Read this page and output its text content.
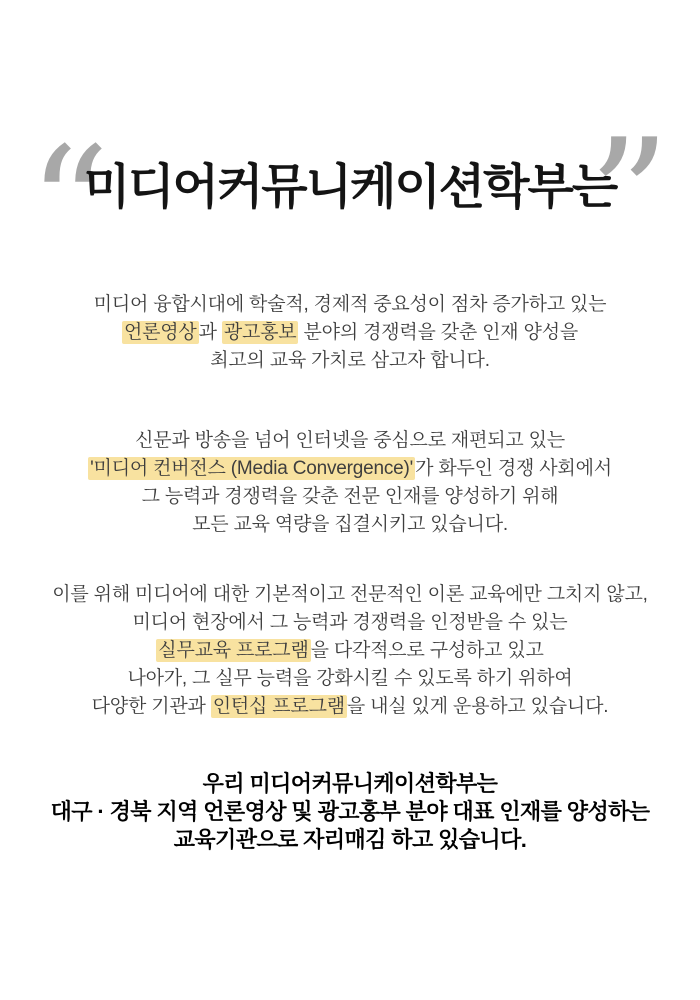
“
미디어커뮤니케이션학부는
”
미디어 융합시대에 학술적, 경제적 중요성이 점차 증가하고 있는
언론영상 과 광고홍보 분야의 경쟁력을 갖춘 인재 양성을
최고의 교육 가치로 삼고자 합니다.
신문과 방송을 넘어 인터넷을 중심으로 재편되고 있는
'미디어 컨버전스 (Media Convergence)' 가 화두인 경쟁 사회에서
그 능력과 경쟁력을 갖춘 전문 인재를 양성하기 위해
모든 교육 역량을 집결시키고 있습니다.
이를 위해 미디어에 대한 기본적이고 전문적인 이론 교육에만 그치지 않고,
미디어 현장에서 그 능력과 경쟁력을 인정받을 수 있는
실무교육 프로그램 을 다각적으로 구성하고 있고
나아가, 그 실무 능력을 강화시킬 수 있도록 하기 위하여
다양한 기관과 인턴십 프로그램 을 내실 있게 운용하고 있습니다.
우리 미디어커뮤니케이션학부는
대구 · 경북 지역 언론영상 및 광고홍부 분야 대표 인재를 양성하는
교육기관으로 자리매김 하고 있습니다.
